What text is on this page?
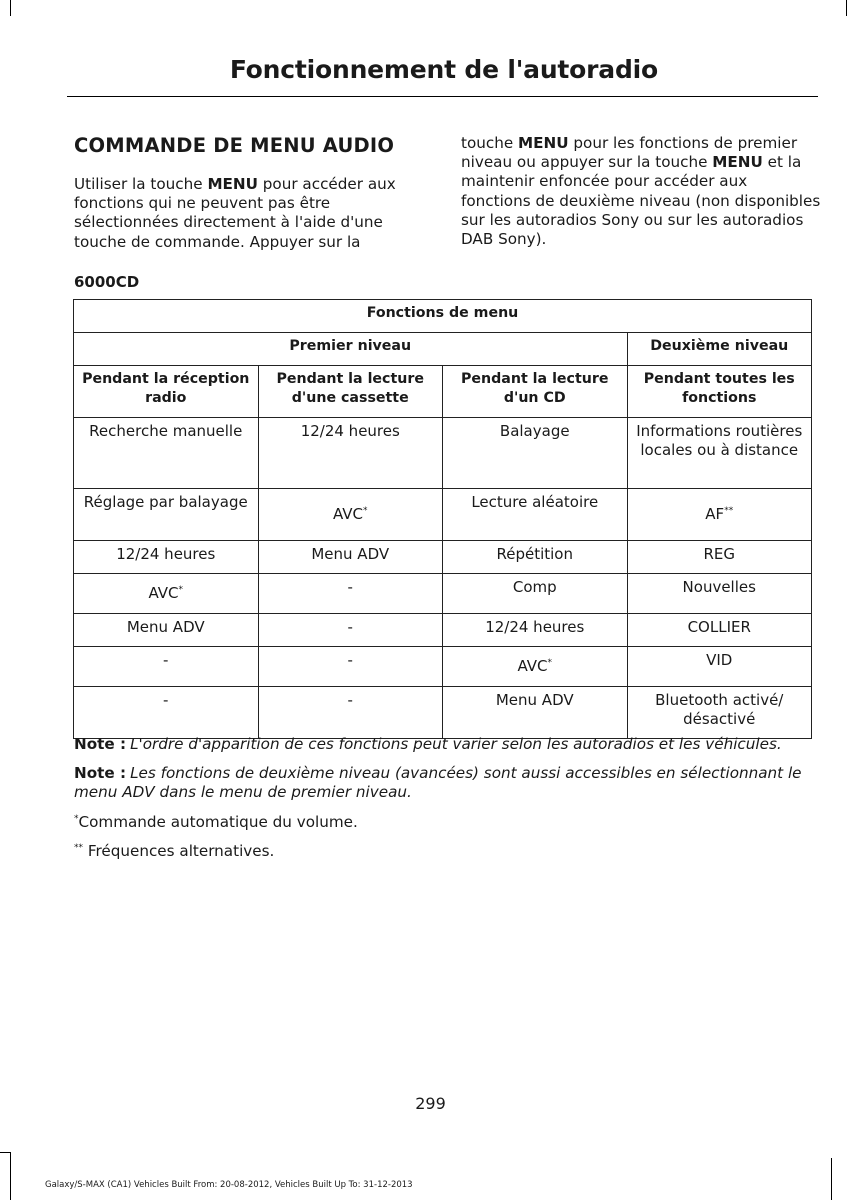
Fonctionnement de l'autoradio
COMMANDE DE MENU AUDIO

Utiliser la touche MENU pour accéder aux fonctions qui ne peuvent pas être sélectionnées directement à l'aide d'une touche de commande. Appuyer sur la

touche MENU pour les fonctions de premier niveau ou appuyer sur la touche MENU et la maintenir enfoncée pour accéder aux fonctions de deuxième niveau (non disponibles sur les autoradios Sony ou sur les autoradios DAB Sony).

6000CD
Fonctions de menu			
Premier niveau			Deuxième niveau
Pendant la réception radio	Pendant la lecture d'une cassette	Pendant la lecture d'un CD	Pendant toutes les fonctions
Recherche manuelle	12/24 heures	Balayage	Informations routières locales ou à distance
Réglage par balayage	AVC*	Lecture aléatoire	AF**
12/24 heures	Menu ADV	Répétition	REG
AVC*	-	Comp	Nouvelles
Menu ADV	-	12/24 heures	COLLIER
-	-	AVC*	VID
-	-	Menu ADV	Bluetooth activé/ désactivé

Note : L'ordre d'apparition de ces fonctions peut varier selon les autoradios et les véhicules.

Note : Les fonctions de deuxième niveau (avancées) sont aussi accessibles en sélectionnant le menu ADV dans le menu de premier niveau.

*Commande automatique du volume.

** Fréquences alternatives.

299
Galaxy/S-MAX (CA1) Vehicles Built From: 20-08-2012, Vehicles Built Up To: 31-12-2013
